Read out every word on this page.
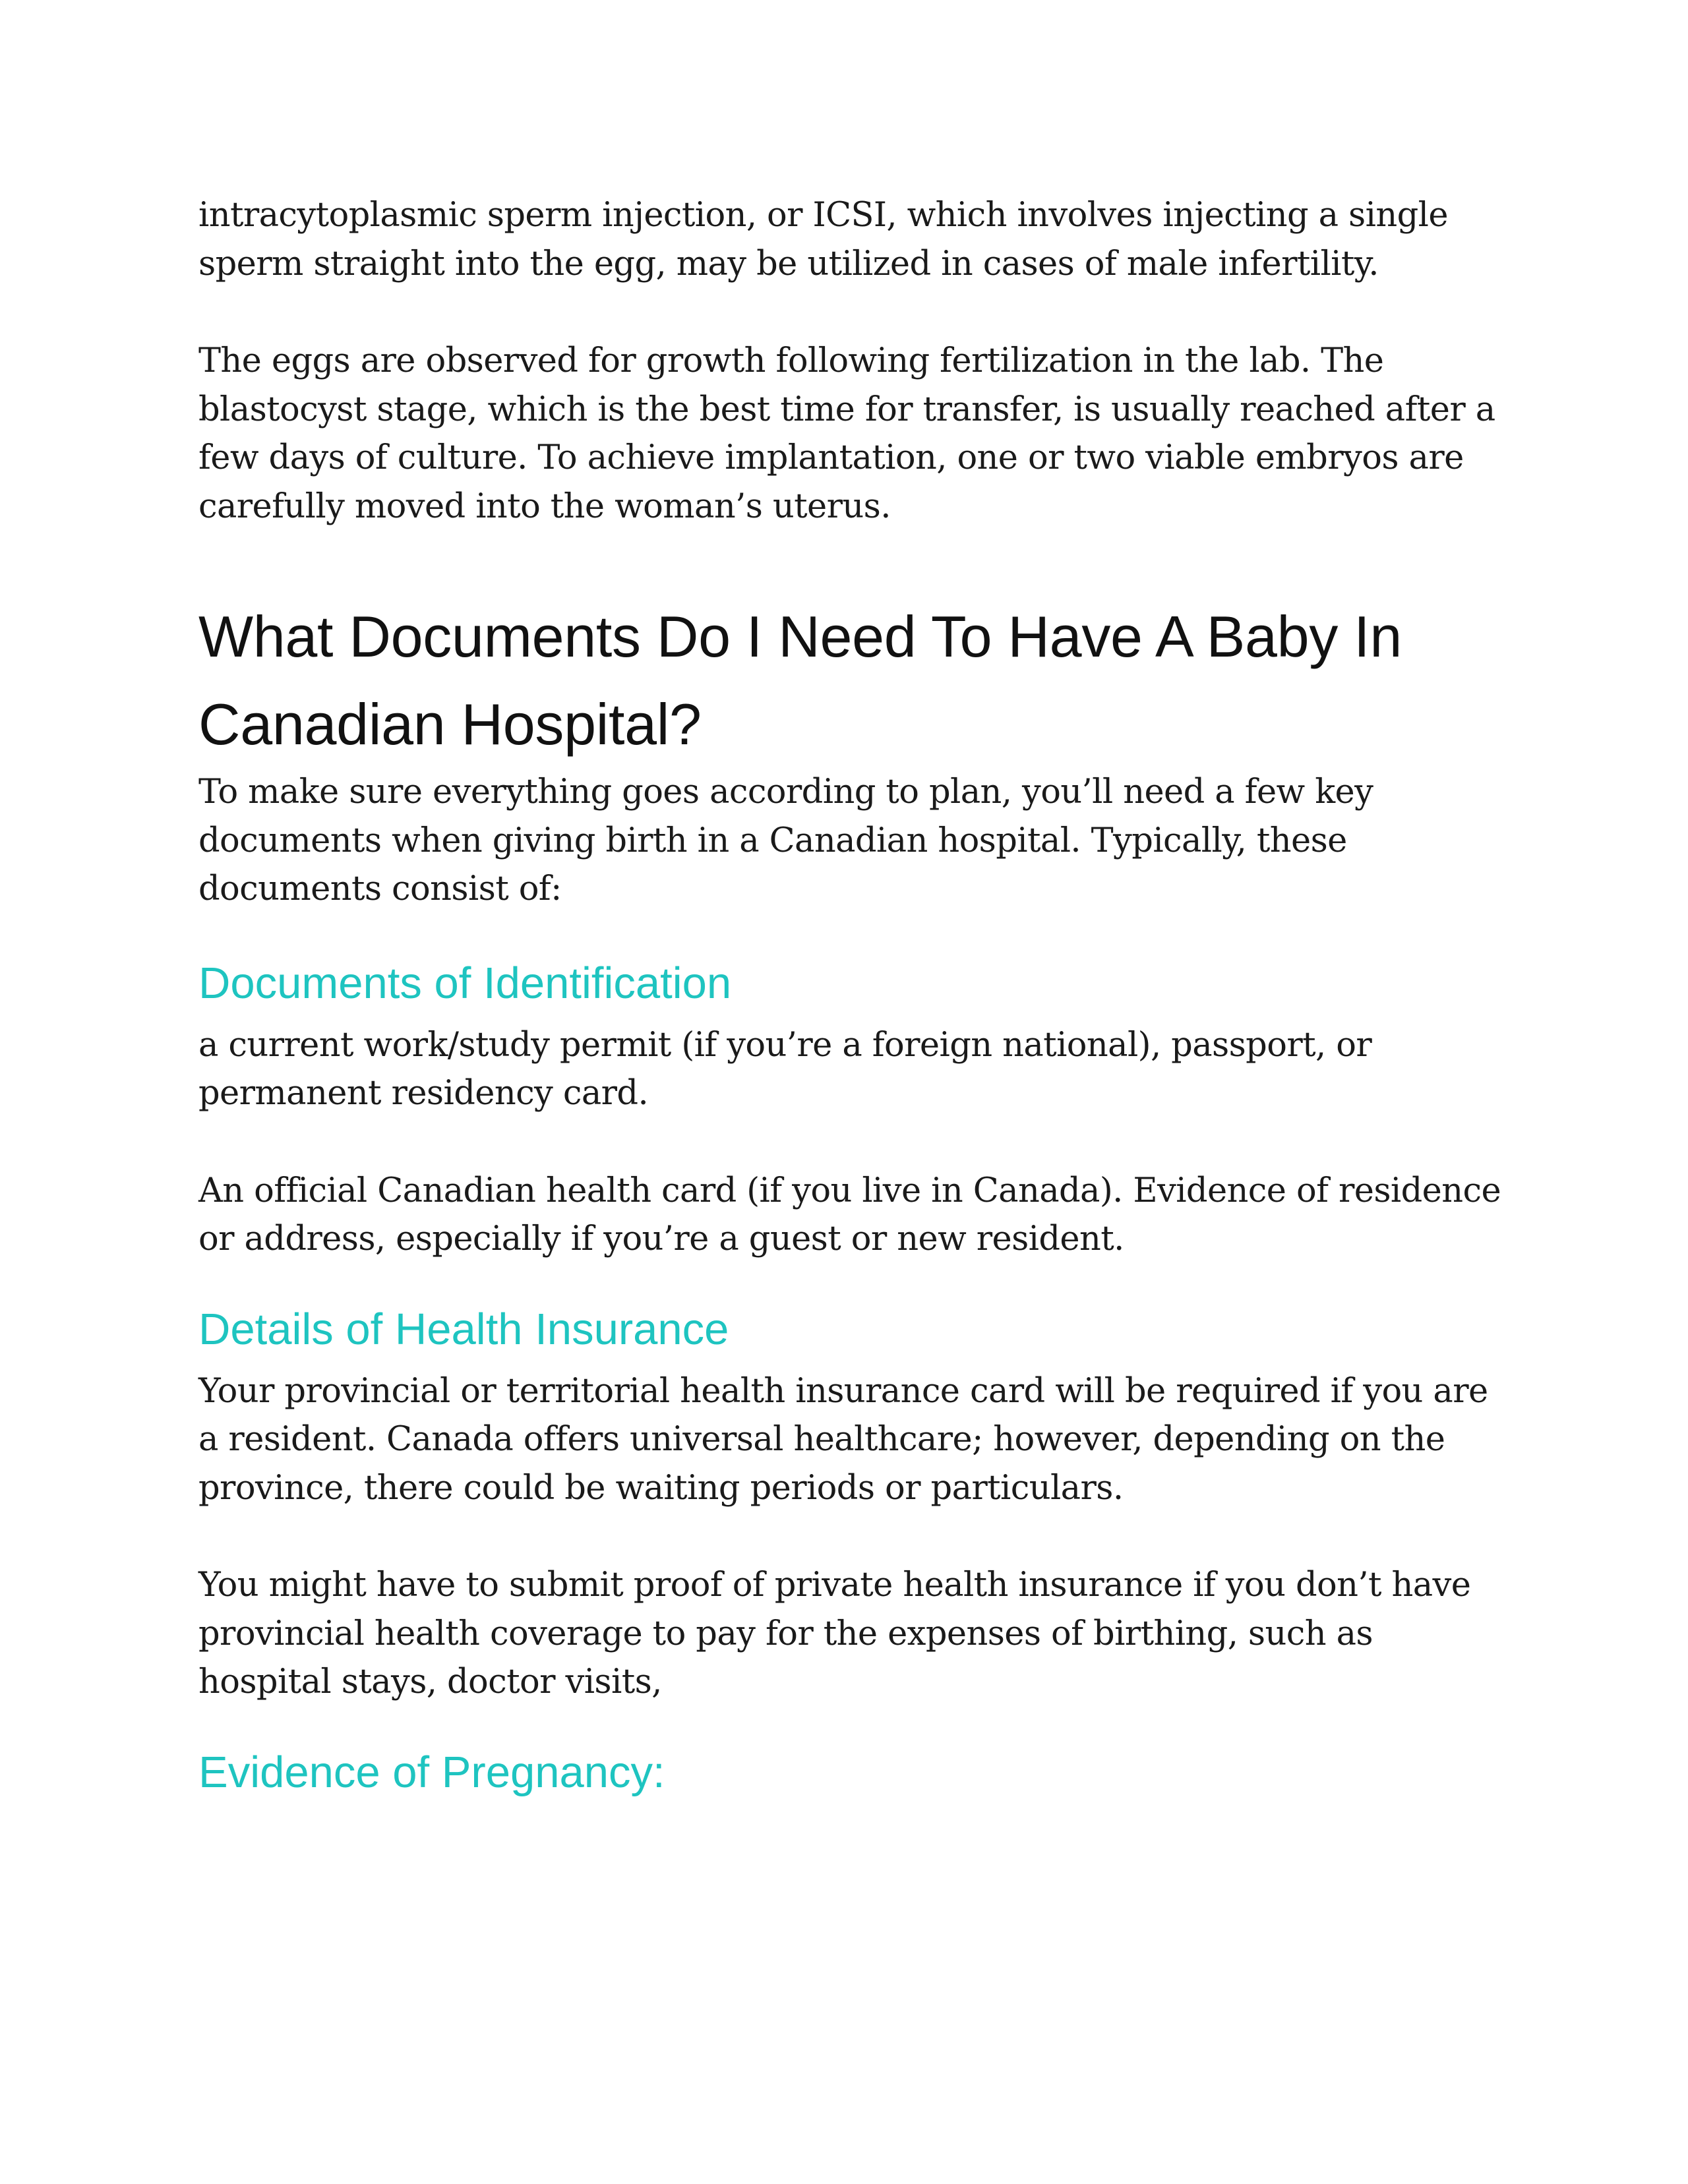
intracytoplasmic sperm injection, or ICSI, which involves injecting a single sperm straight into the egg, may be utilized in cases of male infertility.

The eggs are observed for growth following fertilization in the lab. The blastocyst stage, which is the best time for transfer, is usually reached after a few days of culture. To achieve implantation, one or two viable embryos are carefully moved into the woman’s uterus.

What Documents Do I Need To Have A Baby In Canadian Hospital?

To make sure everything goes according to plan, you’ll need a few key documents when giving birth in a Canadian hospital. Typically, these documents consist of:

Documents of Identification

a current work/study permit (if you’re a foreign national), passport, or permanent residency card.

An official Canadian health card (if you live in Canada). Evidence of residence or address, especially if you’re a guest or new resident.

Details of Health Insurance

Your provincial or territorial health insurance card will be required if you are a resident. Canada offers universal healthcare; however, depending on the province, there could be waiting periods or particulars.

You might have to submit proof of private health insurance if you don’t have provincial health coverage to pay for the expenses of birthing, such as hospital stays, doctor visits,

Evidence of Pregnancy:
